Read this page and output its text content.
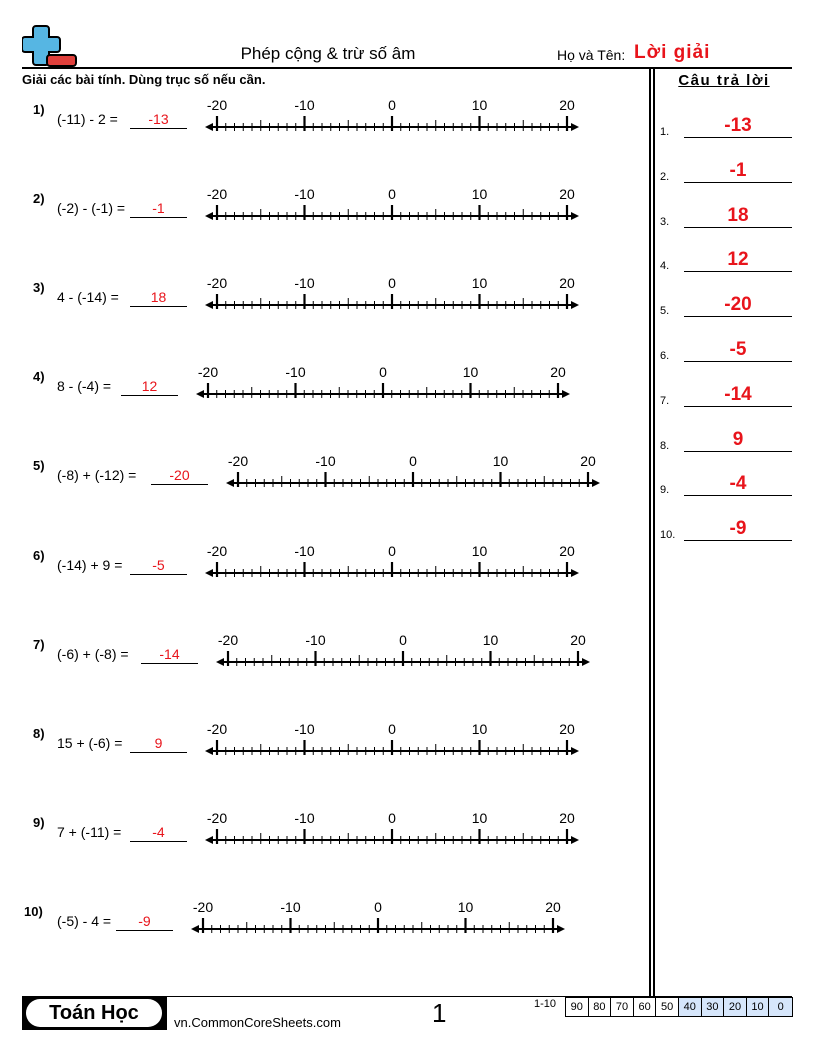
Phép cộng & trừ số âm	Họ và Tên: Lời giải
Giải các bài tính. Dùng trục số nếu cần.
1)
(-11) - 2 =	-13
-20	-10	0	10	20
2)
(-2) - (-1) =	-1
-20	-10	0	10	20
3)
4 - (-14) =	18
-20	-10	0	10	20
4)
8 - (-4) =	12
-20	-10	0	10	20
5)
(-8) + (-12) =	-20
-20	-10	0	10	20
6)
(-14) + 9 =	-5
-20	-10	0	10	20
7)
(-6) + (-8) =	-14
-20	-10	0	10	20
8)
15 + (-6) =	9
-20	-10	0	10	20
9)
7 + (-11) =	-4
-20	-10	0	10	20
10)
(-5) - 4 =	-9
-20	-10	0	10	20
Câu trả lời
1.	-13
2.	-1
3.	18
4.	12
5.	-20
6.	-5
7.	-14
8.	9
9.	-4
10.	-9
Toán Học	vn.CommonCoreSheets.com	1	1-10	90 80 70 60 50 40 30 20 10	0
